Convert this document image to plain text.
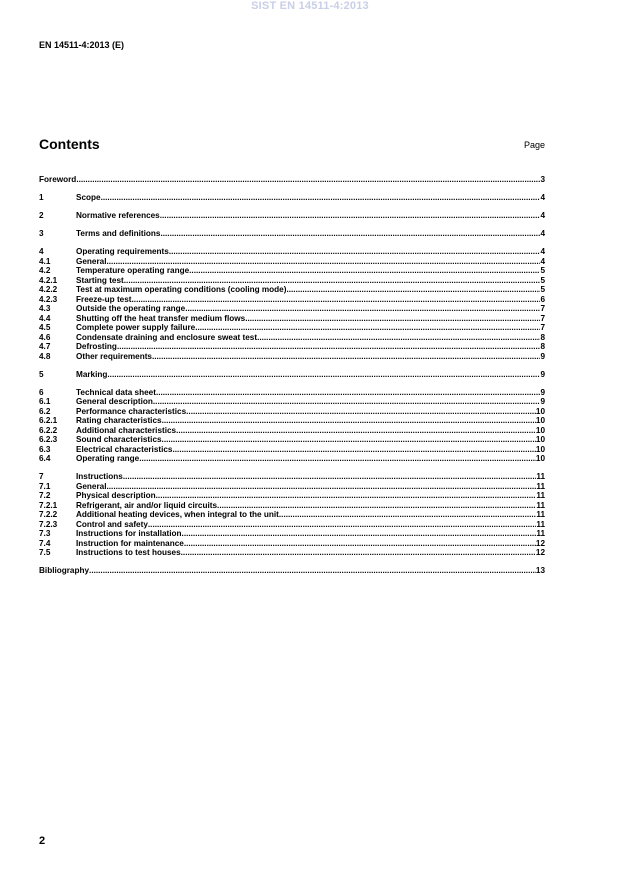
SIST EN 14511-4:2013
EN 14511-4:2013 (E)
Contents	Page
Foreword .....	3
1	Scope .....	4
2	Normative references .....	4
3	Terms and definitions .....	4
4	Operating requirements .....	4
4.1	General .....	4
4.2	Temperature operating range .....	5
4.2.1	Starting test .....	5
4.2.2	Test at maximum operating conditions (cooling mode) .....	5
4.2.3	Freeze-up test .....	6
4.3	Outside the operating range .....	7
4.4	Shutting off the heat transfer medium flows .....	7
4.5	Complete power supply failure .....	7
4.6	Condensate draining and enclosure sweat test .....	8
4.7	Defrosting .....	8
4.8	Other requirements .....	9
5	Marking .....	9
6	Technical data sheet .....	9
6.1	General description .....	9
6.2	Performance characteristics .....	10
6.2.1	Rating characteristics .....	10
6.2.2	Additional characteristics .....	10
6.2.3	Sound characteristics .....	10
6.3	Electrical characteristics .....	10
6.4	Operating range .....	10
7	Instructions .....	11
7.1	General .....	11
7.2	Physical description .....	11
7.2.1	Refrigerant, air and/or liquid circuits .....	11
7.2.2	Additional heating devices, when integral to the unit .....	11
7.2.3	Control and safety .....	11
7.3	Instructions for installation .....	11
7.4	Instruction for maintenance .....	12
7.5	Instructions to test houses .....	12
Bibliography .....	13
2
